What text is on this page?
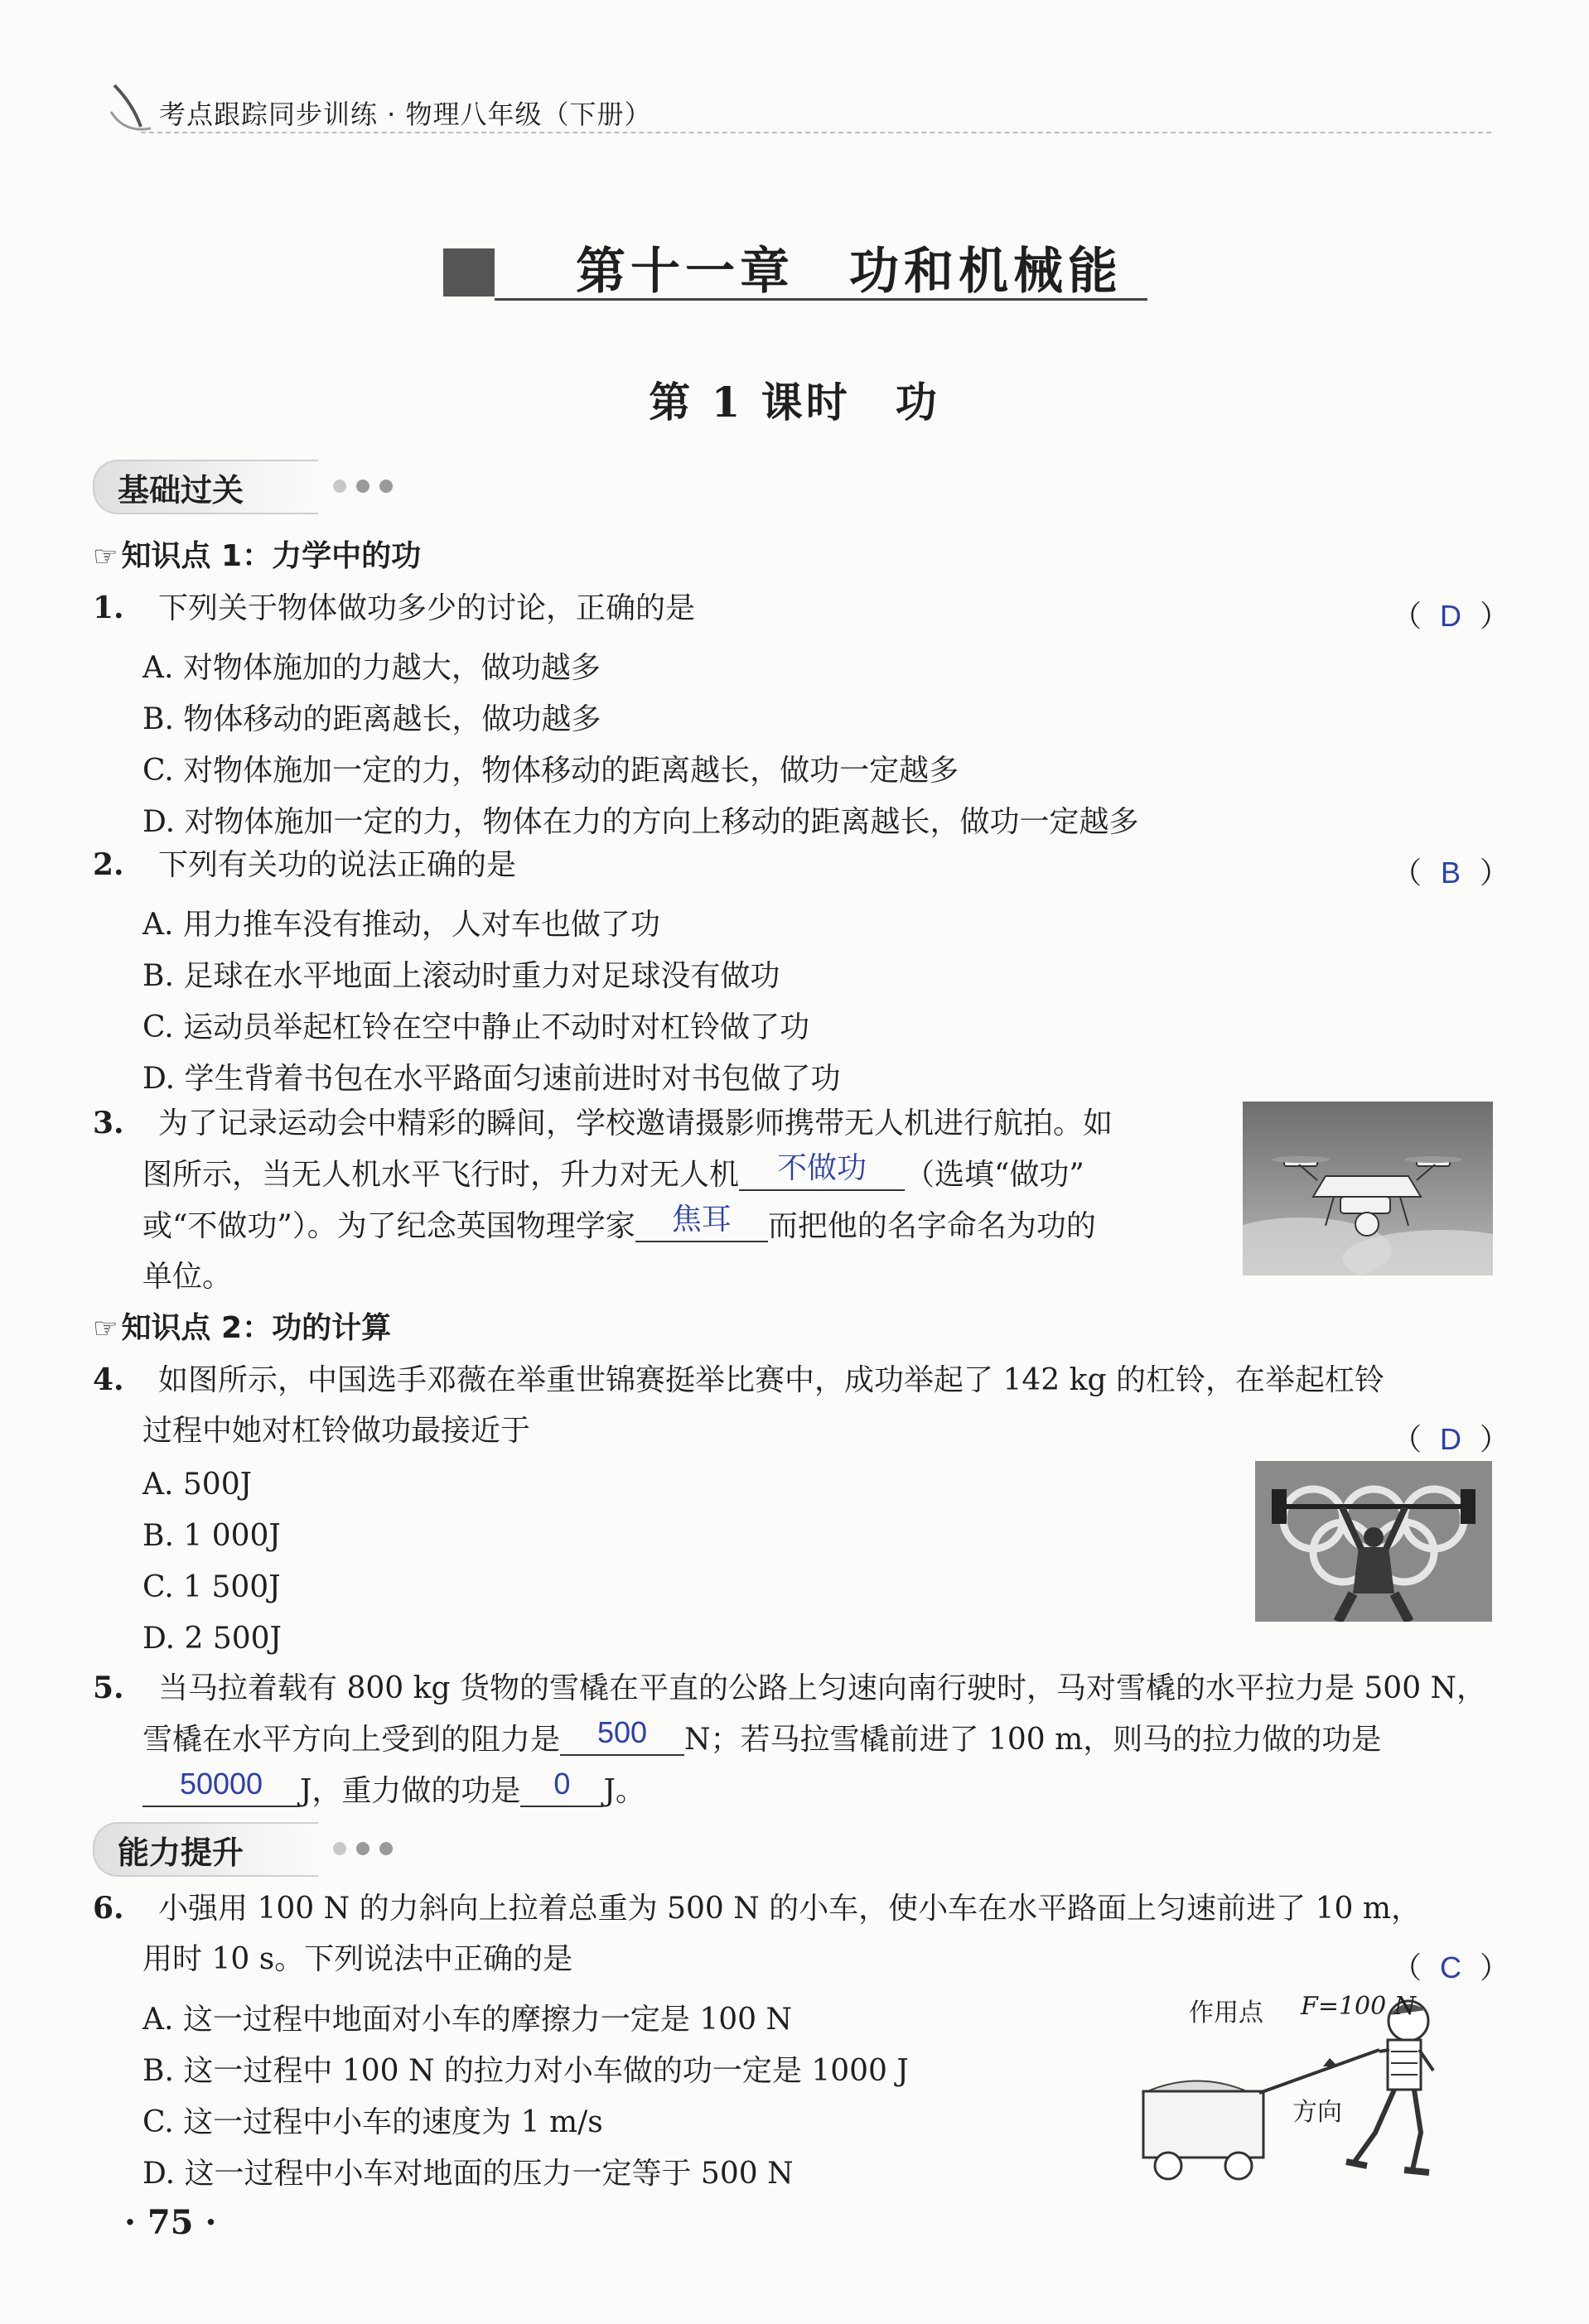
考点跟踪同步训练 · 物理八年级（下册）
第十一章　功和机械能
第 1 课时　功
基础过关
☞ 知识点 1：力学中的功
1. 下列关于物体做功多少的讨论，正确的是	（ D ）
A. 对物体施加的力越大，做功越多
B. 物体移动的距离越长，做功越多
C. 对物体施加一定的力，物体移动的距离越长，做功一定越多
D. 对物体施加一定的力，物体在力的方向上移动的距离越长，做功一定越多
2. 下列有关功的说法正确的是	（ B ）
A. 用力推车没有推动，人对车也做了功
B. 足球在水平地面上滚动时重力对足球没有做功
C. 运动员举起杠铃在空中静止不动时对杠铃做了功
D. 学生背着书包在水平路面匀速前进时对书包做了功
3. 为了记录运动会中精彩的瞬间，学校邀请摄影师携带无人机进行航拍。如
图所示，当无人机水平飞行时，升力对无人机 不做功 （选填“做功”
或“不做功”）。为了纪念英国物理学家 焦耳 而把他的名字命名为功的
单位。
☞ 知识点 2：功的计算
4. 如图所示，中国选手邓薇在举重世锦赛挺举比赛中，成功举起了 142 kg 的杠铃，在举起杠铃
过程中她对杠铃做功最接近于	（ D ）
A. 500J
B. 1 000J
C. 1 500J
D. 2 500J
5. 当马拉着载有 800 kg 货物的雪橇在平直的公路上匀速向南行驶时，马对雪橇的水平拉力是 500 N，
雪橇在水平方向上受到的阻力是 500 N；若马拉雪橇前进了 100 m，则马的拉力做的功是
50000 J，重力做的功是 0 J。
能力提升
6. 小强用 100 N 的力斜向上拉着总重为 500 N 的小车，使小车在水平路面上匀速前进了 10 m，
用时 10 s。下列说法中正确的是	（ C ）
A. 这一过程中地面对小车的摩擦力一定是 100 N
B. 这一过程中 100 N 的拉力对小车做的功一定是 1000 J
C. 这一过程中小车的速度为 1 m/s
D. 这一过程中小车对地面的压力一定等于 500 N
作用点 F=100 N
方向
· 75 ·
